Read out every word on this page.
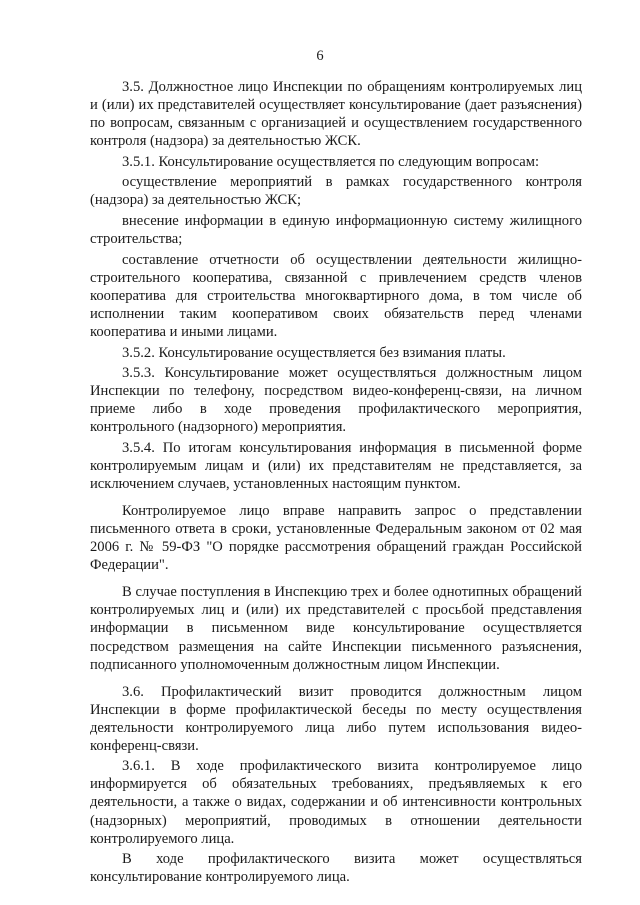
6

3.5. Должностное лицо Инспекции по обращениям контролируемых лиц и (или) их представителей осуществляет консультирование (дает разъяснения) по вопросам, связанным с организацией и осуществлением государственного контроля (надзора) за деятельностью ЖСК.

3.5.1. Консультирование осуществляется по следующим вопросам:

осуществление мероприятий в рамках государственного контроля (надзора) за деятельностью ЖСК;

внесение информации в единую информационную систему жилищного строительства;

составление отчетности об осуществлении деятельности жилищно-строительного кооператива, связанной с привлечением средств членов кооператива для строительства многоквартирного дома, в том числе об исполнении таким кооперативом своих обязательств перед членами кооператива и иными лицами.

3.5.2. Консультирование осуществляется без взимания платы.

3.5.3. Консультирование может осуществляться должностным лицом Инспекции по телефону, посредством видео-конференц-связи, на личном приеме либо в ходе проведения профилактического мероприятия, контрольного (надзорного) мероприятия.

3.5.4. По итогам консультирования информация в письменной форме контролируемым лицам и (или) их представителям не представляется, за исключением случаев, установленных настоящим пунктом.

Контролируемое лицо вправе направить запрос о представлении письменного ответа в сроки, установленные Федеральным законом от 02 мая 2006 г. № 59-ФЗ "О порядке рассмотрения обращений граждан Российской Федерации".

В случае поступления в Инспекцию трех и более однотипных обращений контролируемых лиц и (или) их представителей с просьбой представления информации в письменном виде консультирование осуществляется посредством размещения на сайте Инспекции письменного разъяснения, подписанного уполномоченным должностным лицом Инспекции.

3.6. Профилактический визит проводится должностным лицом Инспекции в форме профилактической беседы по месту осуществления деятельности контролируемого лица либо путем использования видео-конференц-связи.

3.6.1. В ходе профилактического визита контролируемое лицо информируется об обязательных требованиях, предъявляемых к его деятельности, а также о видах, содержании и об интенсивности контрольных (надзорных) мероприятий, проводимых в отношении деятельности контролируемого лица.

В ходе профилактического визита может осуществляться консультирование контролируемого лица.
